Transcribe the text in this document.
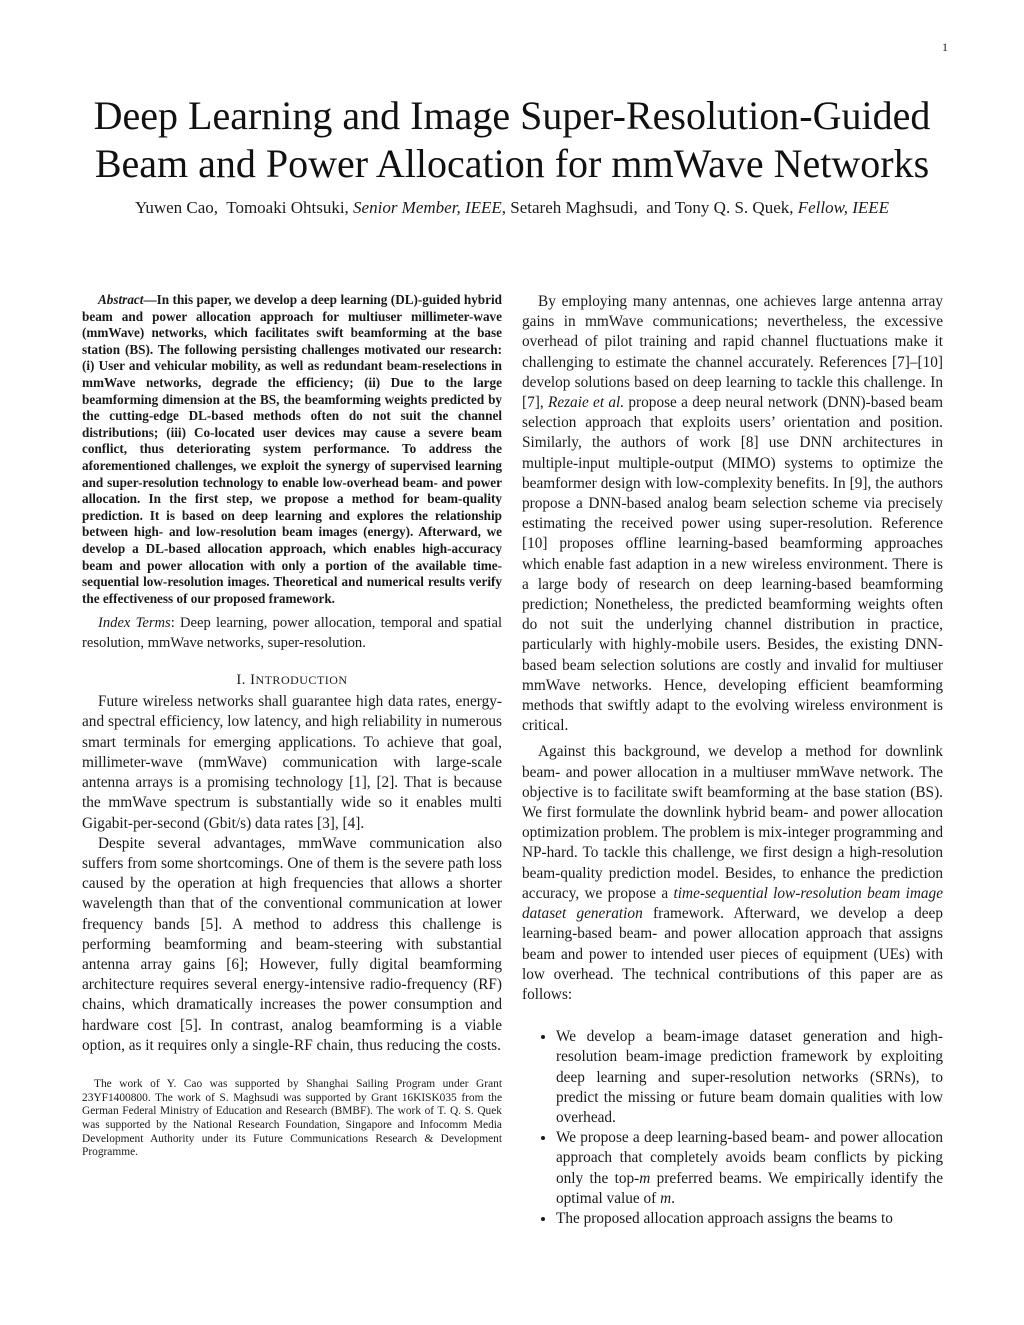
1
Deep Learning and Image Super-Resolution-Guided
Beam and Power Allocation for mmWave Networks
Yuwen Cao, Tomoaki Ohtsuki, Senior Member, IEEE, Setareh Maghsudi, and Tony Q. S. Quek, Fellow, IEEE

Abstract—In this paper, we develop a deep learning (DL)-guided hybrid beam and power allocation approach for multiuser millimeter-wave (mmWave) networks, which facilitates swift beamforming at the base station (BS). The following persisting challenges motivated our research: (i) User and vehicular mobility, as well as redundant beam-reselections in mmWave networks, degrade the efficiency; (ii) Due to the large beamforming dimension at the BS, the beamforming weights predicted by the cutting-edge DL-based methods often do not suit the channel distributions; (iii) Co-located user devices may cause a severe beam conflict, thus deteriorating system performance. To address the aforementioned challenges, we exploit the synergy of supervised learning and super-resolution technology to enable low-overhead beam- and power allocation. In the first step, we propose a method for beam-quality prediction. It is based on deep learning and explores the relationship between high- and low-resolution beam images (energy). Afterward, we develop a DL-based allocation approach, which enables high-accuracy beam and power allocation with only a portion of the available time-sequential low-resolution images. Theoretical and numerical results verify the effectiveness of our proposed framework.

Index Terms: Deep learning, power allocation, temporal and spatial resolution, mmWave networks, super-resolution.

I. INTRODUCTION

Future wireless networks shall guarantee high data rates, energy- and spectral efficiency, low latency, and high reliability in numerous smart terminals for emerging applications. To achieve that goal, millimeter-wave (mmWave) communication with large-scale antenna arrays is a promising technology [1], [2]. That is because the mmWave spectrum is substantially wide so it enables multi Gigabit-per-second (Gbit/s) data rates [3], [4].

Despite several advantages, mmWave communication also suffers from some shortcomings. One of them is the severe path loss caused by the operation at high frequencies that allows a shorter wavelength than that of the conventional communication at lower frequency bands [5]. A method to address this challenge is performing beamforming and beam-steering with substantial antenna array gains [6]; However, fully digital beamforming architecture requires several energy-intensive radio-frequency (RF) chains, which dramatically increases the power consumption and hardware cost [5]. In contrast, analog beamforming is a viable option, as it requires only a single-RF chain, thus reducing the costs.

The work of Y. Cao was supported by Shanghai Sailing Program under Grant 23YF1400800. The work of S. Maghsudi was supported by Grant 16KISK035 from the German Federal Ministry of Education and Research (BMBF). The work of T. Q. S. Quek was supported by the National Research Foundation, Singapore and Infocomm Media Development Authority under its Future Communications Research & Development Programme.

By employing many antennas, one achieves large antenna array gains in mmWave communications; nevertheless, the excessive overhead of pilot training and rapid channel fluctuations make it challenging to estimate the channel accurately. References [7]–[10] develop solutions based on deep learning to tackle this challenge. In [7], Rezaie et al. propose a deep neural network (DNN)-based beam selection approach that exploits users’ orientation and position. Similarly, the authors of work [8] use DNN architectures in multiple-input multiple-output (MIMO) systems to optimize the beamformer design with low-complexity benefits. In [9], the authors propose a DNN-based analog beam selection scheme via precisely estimating the received power using super-resolution. Reference [10] proposes offline learning-based beamforming approaches which enable fast adaption in a new wireless environment. There is a large body of research on deep learning-based beamforming prediction; Nonetheless, the predicted beamforming weights often do not suit the underlying channel distribution in practice, particularly with highly-mobile users. Besides, the existing DNN-based beam selection solutions are costly and invalid for multiuser mmWave networks. Hence, developing efficient beamforming methods that swiftly adapt to the evolving wireless environment is critical.

Against this background, we develop a method for downlink beam- and power allocation in a multiuser mmWave network. The objective is to facilitate swift beamforming at the base station (BS). We first formulate the downlink hybrid beam- and power allocation optimization problem. The problem is mix-integer programming and NP-hard. To tackle this challenge, we first design a high-resolution beam-quality prediction model. Besides, to enhance the prediction accuracy, we propose a time-sequential low-resolution beam image dataset generation framework. Afterward, we develop a deep learning-based beam- and power allocation approach that assigns beam and power to intended user pieces of equipment (UEs) with low overhead. The technical contributions of this paper are as follows:

• We develop a beam-image dataset generation and high-resolution beam-image prediction framework by exploiting deep learning and super-resolution networks (SRNs), to predict the missing or future beam domain qualities with low overhead.
• We propose a deep learning-based beam- and power allocation approach that completely avoids beam conflicts by picking only the top-m preferred beams. We empirically identify the optimal value of m.
• The proposed allocation approach assigns the beams to
